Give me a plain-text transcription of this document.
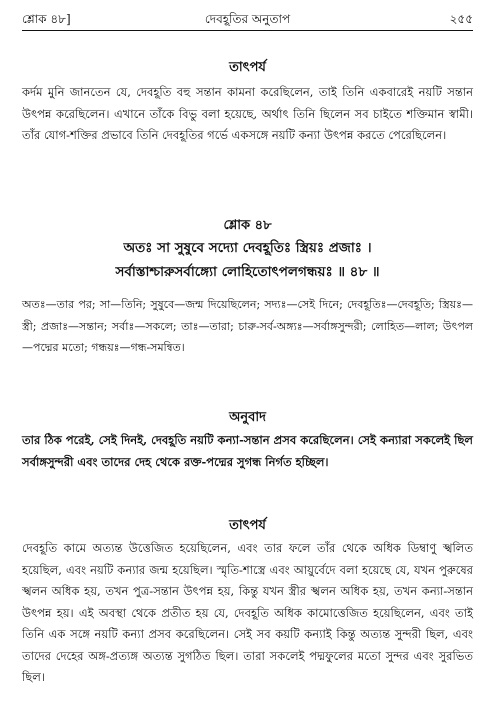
শ্লোক ৪৮]	দেবহূতির অনুতাপ	২৫৫
তাৎপর্য
কর্দম মুনি জানতেন যে, দেবহূতি বহু সন্তান কামনা করেছিলেন, তাই তিনি একবারেই নয়টি সন্তান উৎপন্ন করেছিলেন। এখানে তাঁকে বিভু বলা হয়েছে, অর্থাৎ তিনি ছিলেন সব চাইতে শক্তিমান স্বামী। তাঁর যোগ-শক্তির প্রভাবে তিনি দেবহূতির গর্ভে একসঙ্গে নয়টি কন্যা উৎপন্ন করতে পেরেছিলেন।
শ্লোক ৪৮
অতঃ সা সুষুবে সদ্যো দেবহূতিঃ স্ত্রিয়ঃ প্রজাঃ ।
সর্বাস্তাশ্চারুসর্বাঙ্গ্যো লোহিতোৎপলগন্ধয়ঃ ॥ ৪৮ ॥
অতঃ—তার পর; সা—তিনি; সুষুবে—জন্ম দিয়েছিলেন; সদ্যঃ—সেই দিনে; দেবহূতিঃ—দেবহূতি; স্ত্রিয়ঃ—স্ত্রী; প্রজাঃ—সন্তান; সর্বাঃ—সকলে; তাঃ—তারা; চারু-সর্ব-অঙ্গ্যঃ—সর্বাঙ্গসুন্দরী; লোহিত—লাল; উৎপল—পদ্মের মতো; গন্ধয়ঃ—গন্ধ-সমন্বিত।
অনুবাদ
তার ঠিক পরেই, সেই দিনই, দেবহূতি নয়টি কন্যা-সন্তান প্রসব করেছিলেন। সেই কন্যারা সকলেই ছিল সর্বাঙ্গসুন্দরী এবং তাদের দেহ থেকে রক্ত-পদ্মের সুগন্ধ নির্গত হচ্ছিল।
তাৎপর্য
দেবহূতি কামে অত্যন্ত উত্তেজিত হয়েছিলেন, এবং তার ফলে তাঁর থেকে অধিক ডিম্বাণু স্খলিত হয়েছিল, এবং নয়টি কন্যার জন্ম হয়েছিল। স্মৃতি-শাস্ত্রে এবং আয়ুর্বেদে বলা হয়েছে যে, যখন পুরুষের স্খলন অধিক হয়, তখন পুত্র-সন্তান উৎপন্ন হয়, কিন্তু যখন স্ত্রীর স্খলন অধিক হয়, তখন কন্যা-সন্তান উৎপন্ন হয়। এই অবস্থা থেকে প্রতীত হয় যে, দেবহূতি অধিক কামোত্তেজিত হয়েছিলেন, এবং তাই তিনি এক সঙ্গে নয়টি কন্যা প্রসব করেছিলেন। সেই সব কয়টি কন্যাই কিন্তু অত্যন্ত সুন্দরী ছিল, এবং তাদের দেহের অঙ্গ-প্রত্যঙ্গ অত্যন্ত সুগঠিত ছিল। তারা সকলেই পদ্মফুলের মতো সুন্দর এবং সুরভিত ছিল।
